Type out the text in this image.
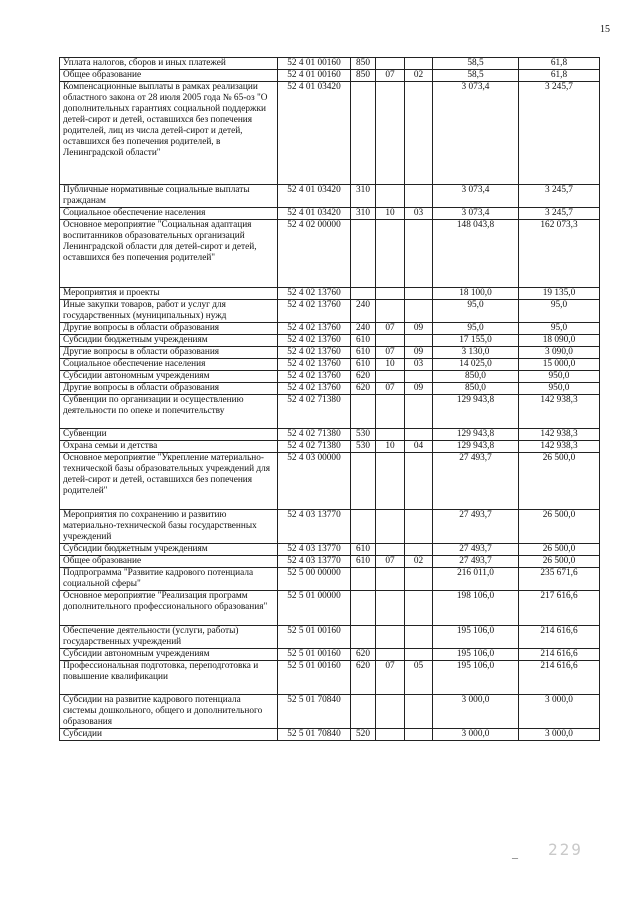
15
Уплата налогов, сборов и иных платежей	52 4 01 00160	850			58,5	61,8
Общее образование	52 4 01 00160	850	07	02	58,5	61,8
Компенсационные выплаты в рамках реализации областного закона от 28 июля 2005 года № 65-оз "О дополнительных гарантиях социальной поддержки детей-сирот и детей, оставшихся без попечения родителей, лиц из числа детей-сирот и детей, оставшихся без попечения родителей, в Ленинградской области"	52 4 01 03420				3 073,4	3 245,7
Публичные нормативные социальные выплаты гражданам	52 4 01 03420	310			3 073,4	3 245,7
Социальное обеспечение населения	52 4 01 03420	310	10	03	3 073,4	3 245,7
Основное мероприятие "Социальная адаптация воспитанников образовательных организаций Ленинградской области для детей-сирот и детей, оставшихся без попечения родителей"	52 4 02 00000				148 043,8	162 073,3
Мероприятия и проекты	52 4 02 13760				18 100,0	19 135,0
Иные закупки товаров, работ и услуг для государственных (муниципальных) нужд	52 4 02 13760	240			95,0	95,0
Другие вопросы в области образования	52 4 02 13760	240	07	09	95,0	95,0
Субсидии бюджетным учреждениям	52 4 02 13760	610			17 155,0	18 090,0
Другие вопросы в области образования	52 4 02 13760	610	07	09	3 130,0	3 090,0
Социальное обеспечение населения	52 4 02 13760	610	10	03	14 025,0	15 000,0
Субсидии автономным учреждениям	52 4 02 13760	620			850,0	950,0
Другие вопросы в области образования	52 4 02 13760	620	07	09	850,0	950,0
Субвенции по организации и осуществлению деятельности по опеке и попечительству	52 4 02 71380				129 943,8	142 938,3
Субвенции	52 4 02 71380	530			129 943,8	142 938,3
Охрана семьи и детства	52 4 02 71380	530	10	04	129 943,8	142 938,3
Основное мероприятие "Укрепление материально-технической базы образовательных учреждений для детей-сирот и детей, оставшихся без попечения родителей"	52 4 03 00000				27 493,7	26 500,0
Мероприятия по сохранению и развитию материально-технической базы государственных учреждений	52 4 03 13770				27 493,7	26 500,0
Субсидии бюджетным учреждениям	52 4 03 13770	610			27 493,7	26 500,0
Общее образование	52 4 03 13770	610	07	02	27 493,7	26 500,0
Подпрограмма "Развитие кадрового потенциала социальной сферы"	52 5 00 00000				216 011,0	235 671,6
Основное мероприятие "Реализация программ дополнительного профессионального образования"	52 5 01 00000				198 106,0	217 616,6
Обеспечение деятельности (услуги, работы) государственных учреждений	52 5 01 00160				195 106,0	214 616,6
Субсидии автономным учреждениям	52 5 01 00160	620			195 106,0	214 616,6
Профессиональная подготовка, переподготовка и повышение квалификации	52 5 01 00160	620	07	05	195 106,0	214 616,6
Субсидии на развитие кадрового потенциала системы дошкольного, общего и дополнительного образования	52 5 01 70840				3 000,0	3 000,0
Субсидии	52 5 01 70840	520			3 000,0	3 000,0
– 229
